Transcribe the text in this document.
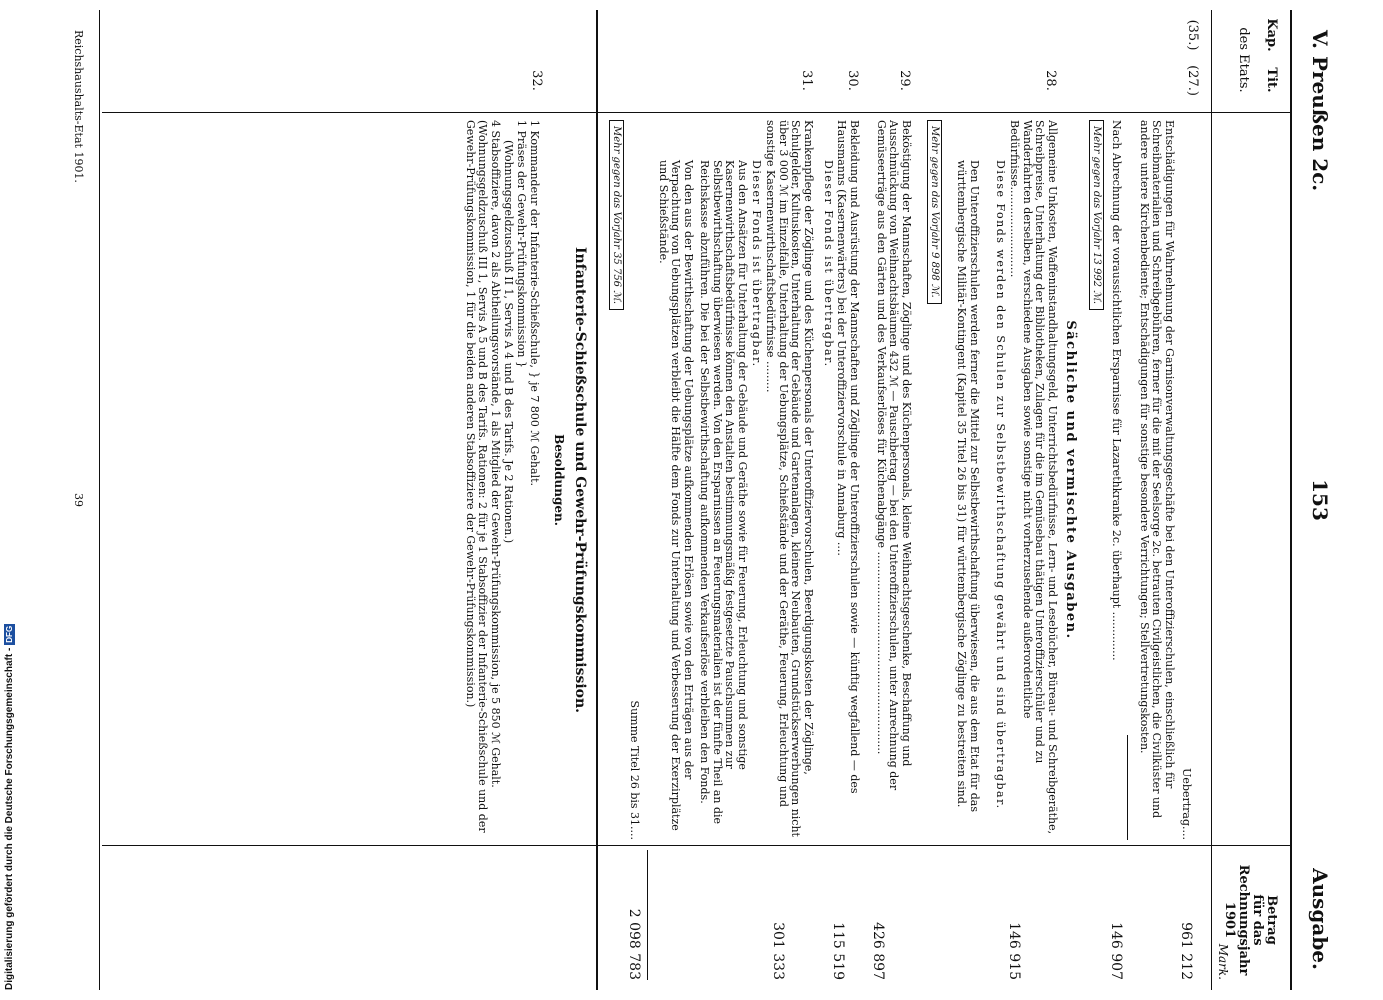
V. Preußen 2c.
153
Ausgabe.
Kap.
Tit.
des Etats.
Betrag
für das
Rechnungsjahr
1901
Mark.
Uebertrag....
961 212
(35.)
(27.)
Entschädigungen für Wahrnehmung der Garnisonverwaltungsgeschäfte bei den Unteroffizierschulen, einschließlich für Schreibmaterialien und Schreibgebühren, ferner für die mit der Seelsorge 2c. betrauten Civilgeistlichen, die Civilküster und andere untere Kirchenbediente; Entschädigungen für sonstige besondere Verrichtungen; Stellvertretungskosten.
Nach Abrechnung der voraussichtlichen Ersparnisse für Lazarethkranke 2c. überhaupt ..............
146 907
Mehr gegen das Vorjahr 13 992 ℳ.
Sächliche und vermischte Ausgaben.
28.
Allgemeine Unkosten, Waffeninstandhaltungsgeld, Unterrichtsbedürfnisse, Lern- und Lesebücher, Büreau- und Schreibgeräthe, Schreibpreise, Unterhaltung der Bibliotheken, Zulagen für die im Gemüsebau thätigen Unteroffizierschüler und zu Wanderfahrten derselben, verschiedene Ausgaben sowie sonstige nicht vorherzusehende außerordentliche Bedürfnisse..........................
Diese Fonds werden den Schulen zur Selbstbewirthschaftung gewährt und sind übertragbar.
Den Unteroffizierschulen werden ferner die Mittel zur Selbstbewirthschaftung überwiesen, die aus dem Etat für das württembergische Militär-Kontingent (Kapitel 35 Titel 26 bis 31) für württembergische Zöglinge zu bestreiten sind.
146 915
Mehr gegen das Vorjahr 9 898 ℳ.
29.
Beköstigung der Mannschaften, Zöglinge und des Küchenpersonals, kleine Weihnachtsgeschenke, Beschaffung und Ausschmückung von Weihnachtsbäumen 432 ℳ — Pauschbetrag — bei den Unteroffizierschulen, unter Anrechnung der Gemüseerträge aus den Gärten und des Verkaufserlöses für Küchenabgänge ..........................................................
426 897
30.
Bekleidung und Ausrüstung der Mannschaften und Zöglinge der Unteroffizierschulen sowie — künftig wegfallend — des Hausmanns (Kasernenwärters) bei der Unteroffiziervorschule in Annaburg ....
Dieser Fonds ist übertragbar.
115 519
31.
Krankenpflege der Zöglinge und des Küchenpersonals der Unteroffiziervorschulen, Beerdigungskosten der Zöglinge, Schulgelder, Kultuskosten, Unterhaltung der Gebäude und Gartenanlagen, kleinere Neubauten, Grundstückserwerbungen nicht über 3 000 ℳ im Einzelfalle, Unterhaltung der Uebungsplätze, Schießstände und der Geräthe, Feuerung, Erleuchtung und sonstige Kasernenwirthschaftsbedürfnisse .........
Dieser Fonds ist übertragbar.
Aus den Ansätzen für Unterhaltung der Gebäude und Geräthe sowie für Feuerung, Erleuchtung und sonstige Kasernenwirthschaftsbedürfnisse können den Anstalten bestimmungsmäßig festgesetzte Pauschsummen zur Selbstbewirthschaftung überwiesen werden. Von den Ersparnissen an Feuerungsmaterialien ist der fünfte Theil an die Reichskasse abzuführen. Die bei der Selbstbewirthschaftung aufkommenden Verkaufserlöse verbleiben den Fonds.
Von den aus der Bewirthschaftung der Uebungsplätze aufkommenden Erlösen sowie von den Erträgen aus der Verpachtung von Uebungsplätzen verbleibt die Hälfte dem Fonds zur Unterhaltung und Verbesserung der Exerzirplätze und Schießstände.
301 333
Summe Titel 26 bis 31....
2 098 783
Mehr gegen das Vorjahr 35 756 ℳ.
Infanterie-Schießschule und Gewehr-Prüfungskommission.
Besoldungen.
32.
1 Kommandeur der Infanterie-Schießschule, } je 7 800 ℳ Gehalt.
1 Präses der Gewehr-Prüfungskommission }
(Wohnungsgeldzuschuß II 1, Servis A 4 und B des Tarifs. Je 2 Rationen.)
4 Stabsoffiziere, davon 2 als Abtheilungsvorstände, 1 als Mitglied der Gewehr-Prüfungskommission, je 5 850 ℳ Gehalt. (Wohnungsgeldzuschuß III 1, Servis A 5 und B des Tarifs. Rationen: 2 für je 1 Stabsoffizier der Infanterie-Schießschule und der Gewehr-Prüfungskommission, 1 für die beiden anderen Stabsoffiziere der Gewehr-Prüfungskommission.)
Reichshaushalts-Etat 1901.
39
Digitalisierung gefördert durch die Deutsche Forschungsgemeinschaft -DFG
